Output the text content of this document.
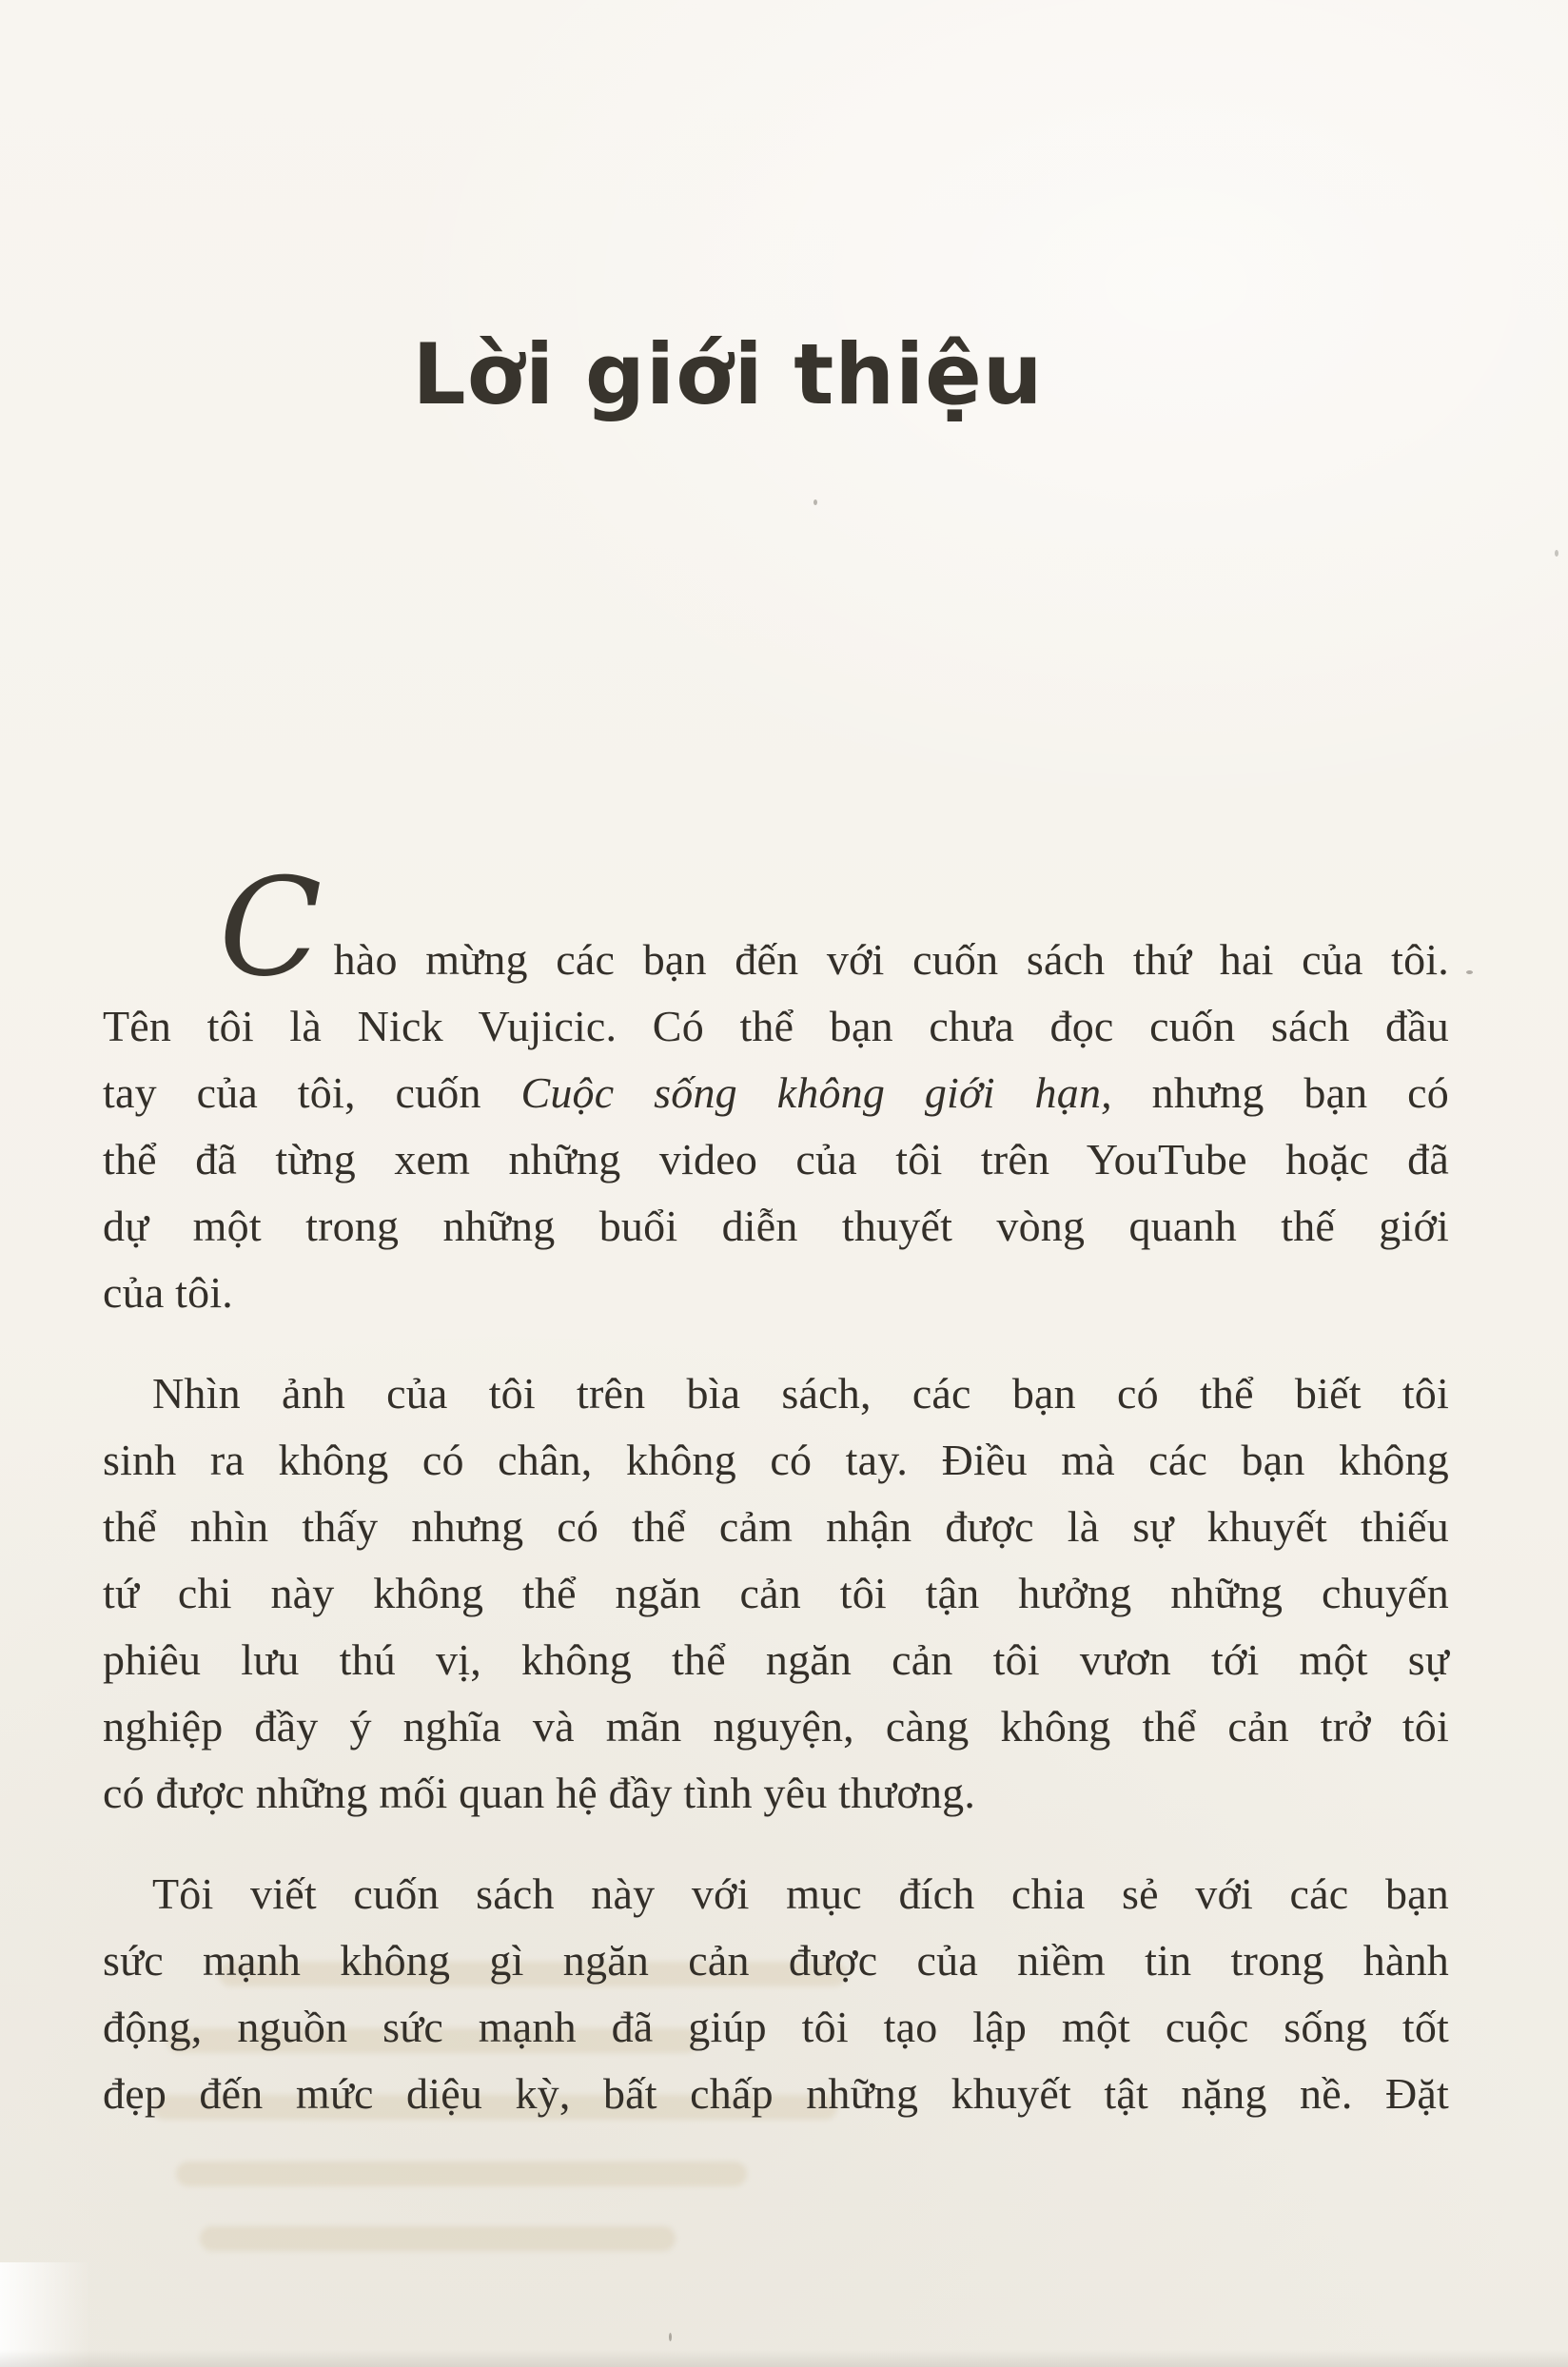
Lời giới thiệu
Chào mừng các bạn đến với cuốn sách thứ hai của tôi.
Tên tôi là Nick Vujicic. Có thể bạn chưa đọc cuốn sách đầu
tay của tôi, cuốn Cuộc sống không giới hạn, nhưng bạn có
thể đã từng xem những video của tôi trên YouTube hoặc đã
dự một trong những buổi diễn thuyết vòng quanh thế giới
của tôi.
Nhìn ảnh của tôi trên bìa sách, các bạn có thể biết tôi
sinh ra không có chân, không có tay. Điều mà các bạn không
thể nhìn thấy nhưng có thể cảm nhận được là sự khuyết thiếu
tứ chi này không thể ngăn cản tôi tận hưởng những chuyến
phiêu lưu thú vị, không thể ngăn cản tôi vươn tới một sự
nghiệp đầy ý nghĩa và mãn nguyện, càng không thể cản trở tôi
có được những mối quan hệ đầy tình yêu thương.
Tôi viết cuốn sách này với mục đích chia sẻ với các bạn
sức mạnh không gì ngăn cản được của niềm tin trong hành
động, nguồn sức mạnh đã giúp tôi tạo lập một cuộc sống tốt
đẹp đến mức diệu kỳ, bất chấp những khuyết tật nặng nề. Đặt
